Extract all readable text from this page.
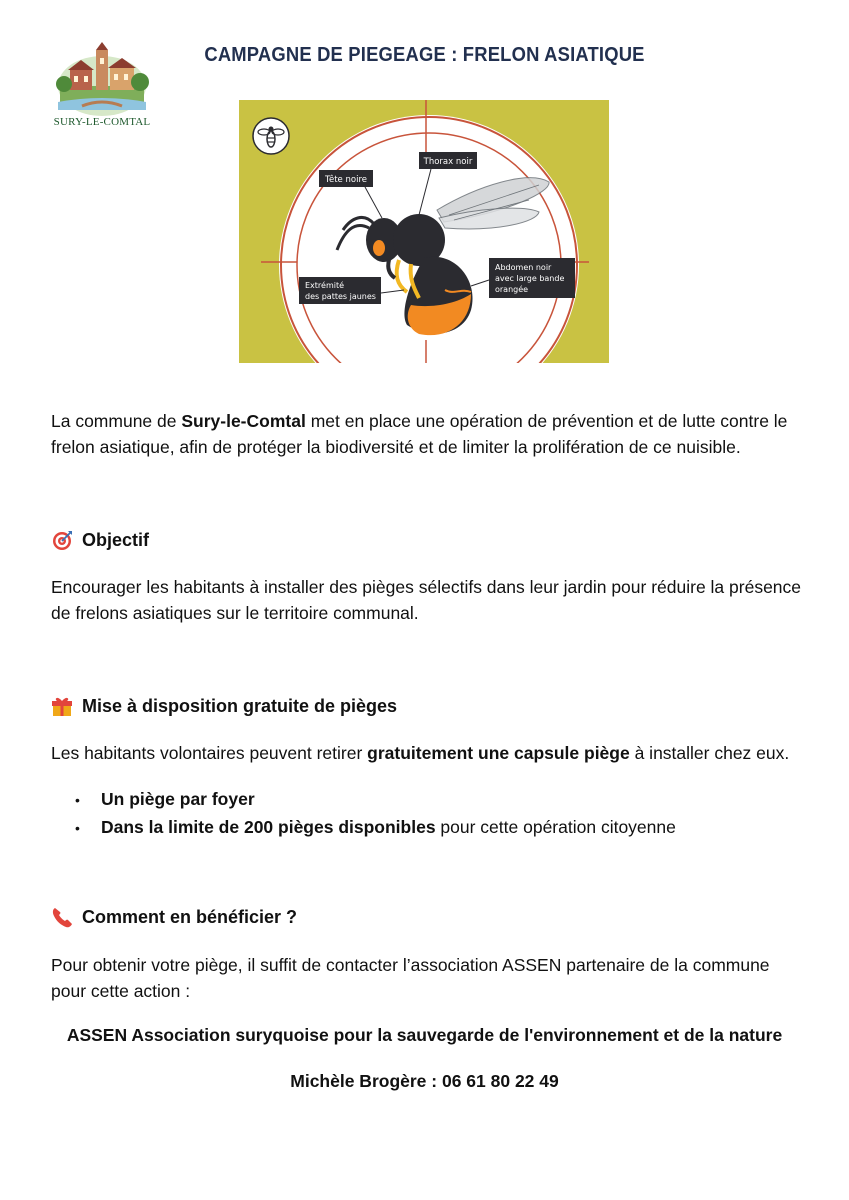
SURY-LE-COMTAL
CAMPAGNE DE PIEGEAGE : FRELON ASIATIQUE
Tête noire
Thorax noir
Extrémité
des pattes jaunes
Abdomen noir
avec large bande
orangée

La commune de Sury-le-Comtal met en place une opération de prévention et de lutte contre le frelon asiatique, afin de protéger la biodiversité et de limiter la prolifération de ce nuisible.

Objectif

Encourager les habitants à installer des pièges sélectifs dans leur jardin pour réduire la présence de frelons asiatiques sur le territoire communal.

Mise à disposition gratuite de pièges

Les habitants volontaires peuvent retirer gratuitement une capsule piège à installer chez eux.

•	Un piège par foyer
•	Dans la limite de 200 pièges disponibles pour cette opération citoyenne
Comment en bénéficier ?

Pour obtenir votre piège, il suffit de contacter l’association ASSEN partenaire de la commune pour cette action :

ASSEN Association suryquoise pour la sauvegarde de l'environnement et de la nature
Michèle Brogère : 06 61 80 22 49
